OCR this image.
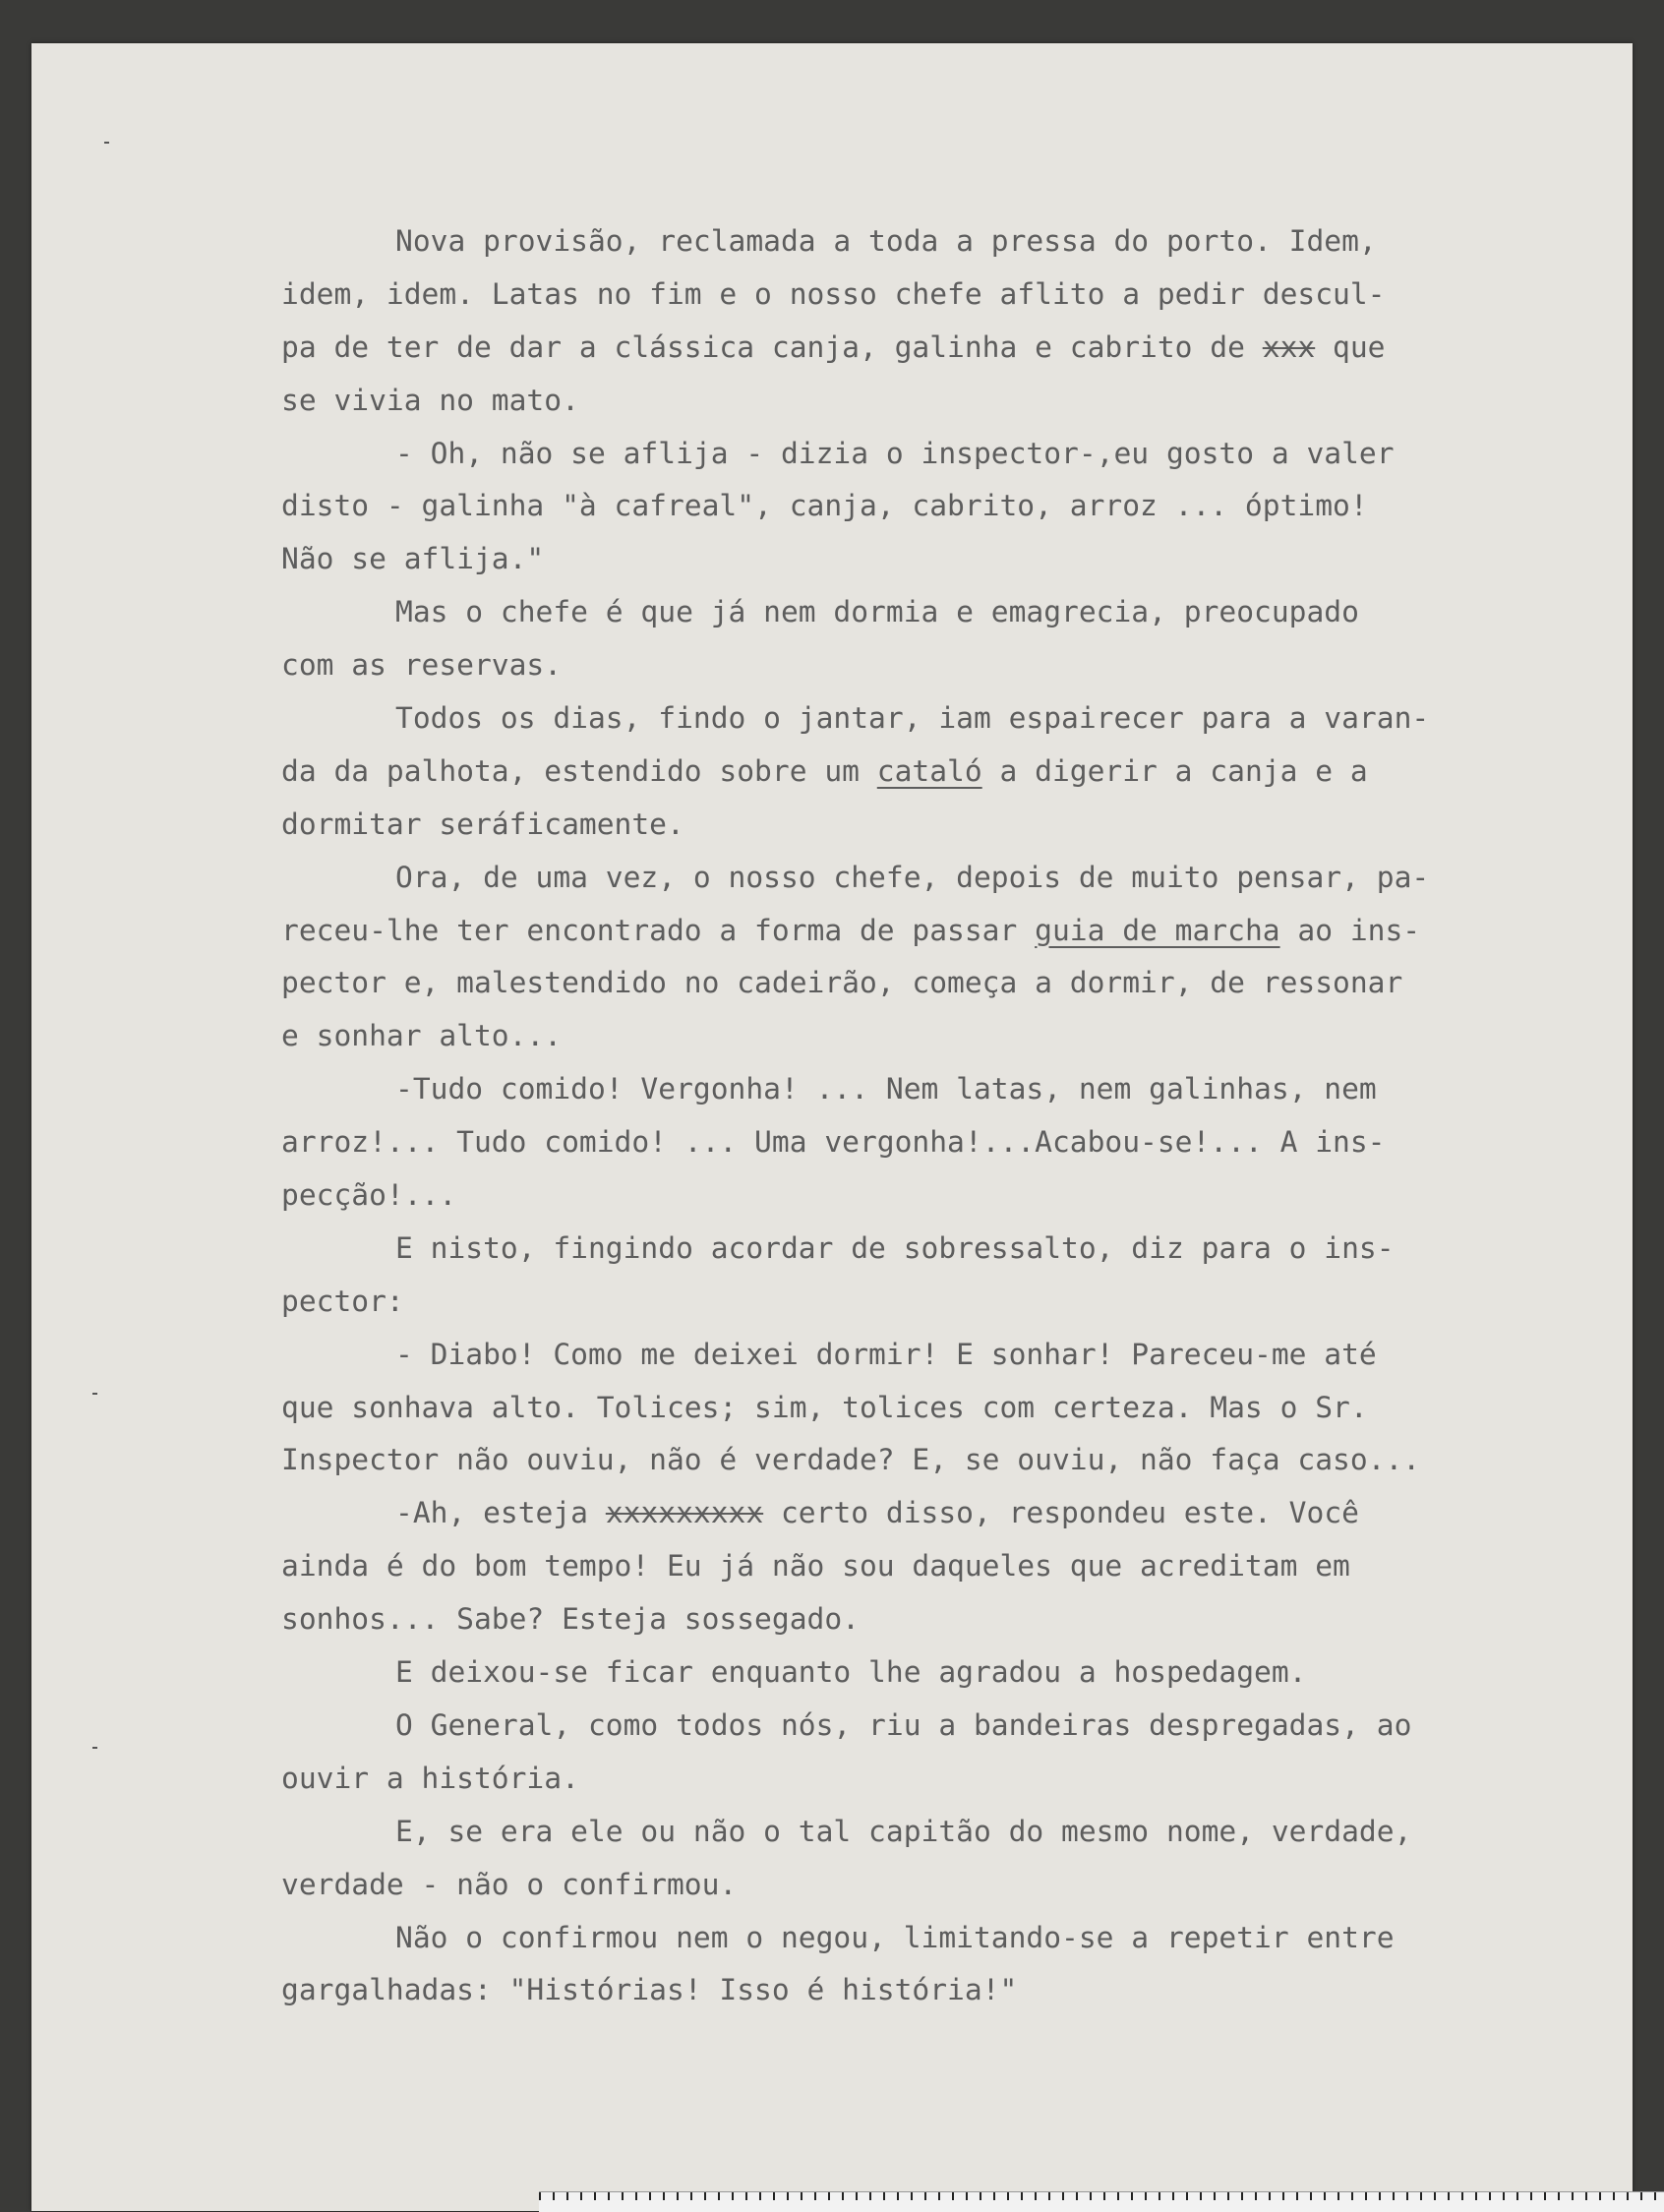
Nova provisão, reclamada a toda a pressa do porto. Idem,
idem, idem. Latas no fim e o nosso chefe aflito a pedir descul-
pa de ter de dar a clássica canja, galinha e cabrito de xxx que
se vivia no mato.
- Oh, não se aflija - dizia o inspector-,eu gosto a valer
disto - galinha "à cafreal", canja, cabrito, arroz ... óptimo!
Não se aflija."
Mas o chefe é que já nem dormia e emagrecia, preocupado
com as reservas.
Todos os dias, findo o jantar, iam espairecer para a varan-
da da palhota, estendido sobre um cataló a digerir a canja e a
dormitar seráficamente.
Ora, de uma vez, o nosso chefe, depois de muito pensar, pa-
receu-lhe ter encontrado a forma de passar guia de marcha ao ins-
pector e, malestendido no cadeirão, começa a dormir, de ressonar
e sonhar alto...
-Tudo comido! Vergonha! ... Nem latas, nem galinhas, nem
arroz!... Tudo comido! ... Uma vergonha!...Acabou-se!... A ins-
pecção!...
E nisto, fingindo acordar de sobressalto, diz para o ins-
pector:
- Diabo! Como me deixei dormir! E sonhar! Pareceu-me até
que sonhava alto. Tolices; sim, tolices com certeza. Mas o Sr.
Inspector não ouviu, não é verdade? E, se ouviu, não faça caso...
-Ah, esteja xxxxxxxxx certo disso, respondeu este. Você
ainda é do bom tempo! Eu já não sou daqueles que acreditam em
sonhos... Sabe? Esteja sossegado.
E deixou-se ficar enquanto lhe agradou a hospedagem.
O General, como todos nós, riu a bandeiras despregadas, ao
ouvir a história.
E, se era ele ou não o tal capitão do mesmo nome, verdade,
verdade - não o confirmou.
Não o confirmou nem o negou, limitando-se a repetir entre
gargalhadas: "Histórias! Isso é história!"
